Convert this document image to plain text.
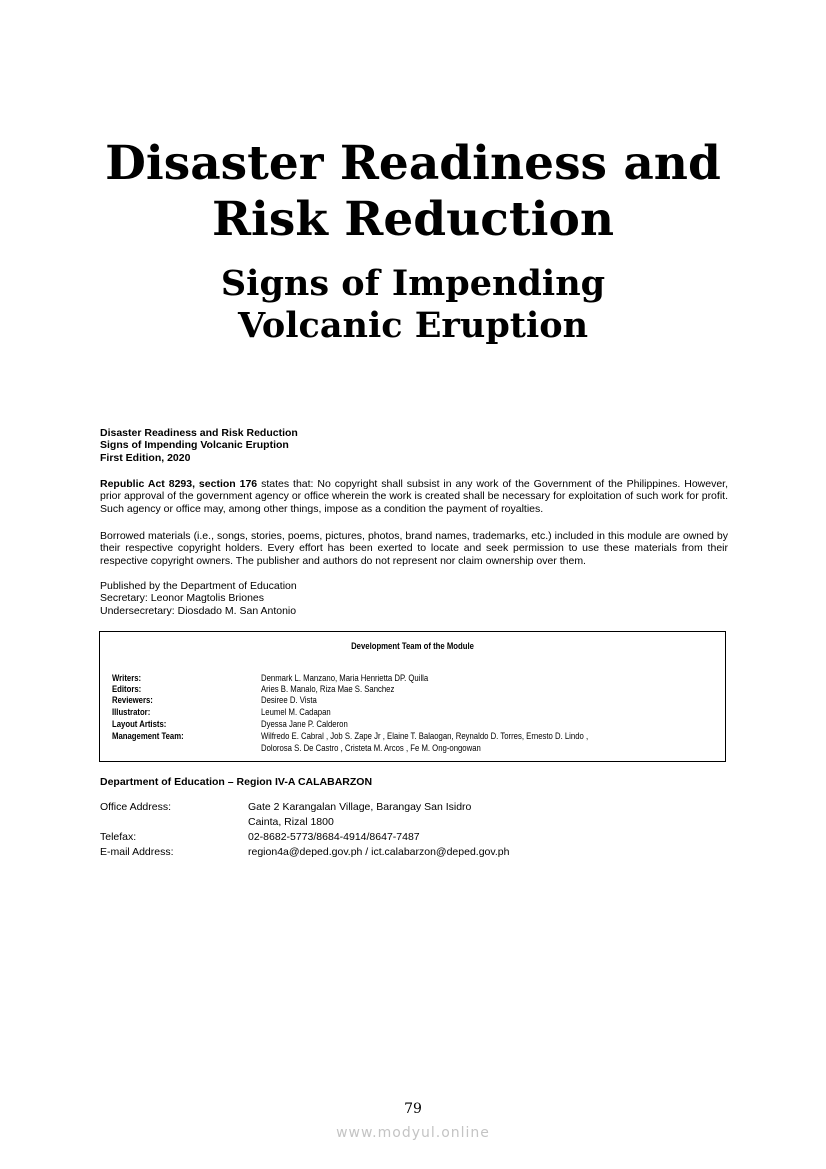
Disaster Readiness and
Risk Reduction
Signs of Impending
Volcanic Eruption
Disaster Readiness and Risk Reduction
Signs of Impending Volcanic Eruption
First Edition, 2020
Republic Act 8293, section 176 states that: No copyright shall subsist in any work of the Government of the Philippines. However, prior approval of the government agency or office wherein the work is created shall be necessary for exploitation of such work for profit. Such agency or office may, among other things, impose as a condition the payment of royalties.
Borrowed materials (i.e., songs, stories, poems, pictures, photos, brand names, trademarks, etc.) included in this module are owned by their respective copyright holders. Every effort has been exerted to locate and seek permission to use these materials from their respective copyright owners. The publisher and authors do not represent nor claim ownership over them.
Published by the Department of Education
Secretary: Leonor Magtolis Briones
Undersecretary: Diosdado M. San Antonio
Development Team of the Module
Writers:	Denmark L. Manzano, Maria Henrietta DP. Quilla
Editors:	Aries B. Manalo, Riza Mae S. Sanchez
Reviewers:	Desiree D. Vista
Illustrator:	Leumel M. Cadapan
Layout Artists:	Dyessa Jane P. Calderon
Management Team:	Wilfredo E. Cabral , Job S. Zape Jr , Elaine T. Balaogan, Reynaldo D. Torres, Ernesto D. Lindo ,
Dolorosa S. De Castro , Cristeta M. Arcos , Fe M. Ong-ongowan
Department of Education – Region IV-A CALABARZON
Office Address:	Gate 2 Karangalan Village, Barangay San Isidro
Cainta, Rizal 1800
Telefax:	02-8682-5773/8684-4914/8647-7487
E-mail Address:	region4a@deped.gov.ph / ict.calabarzon@deped.gov.ph
79
www.modyul.online
